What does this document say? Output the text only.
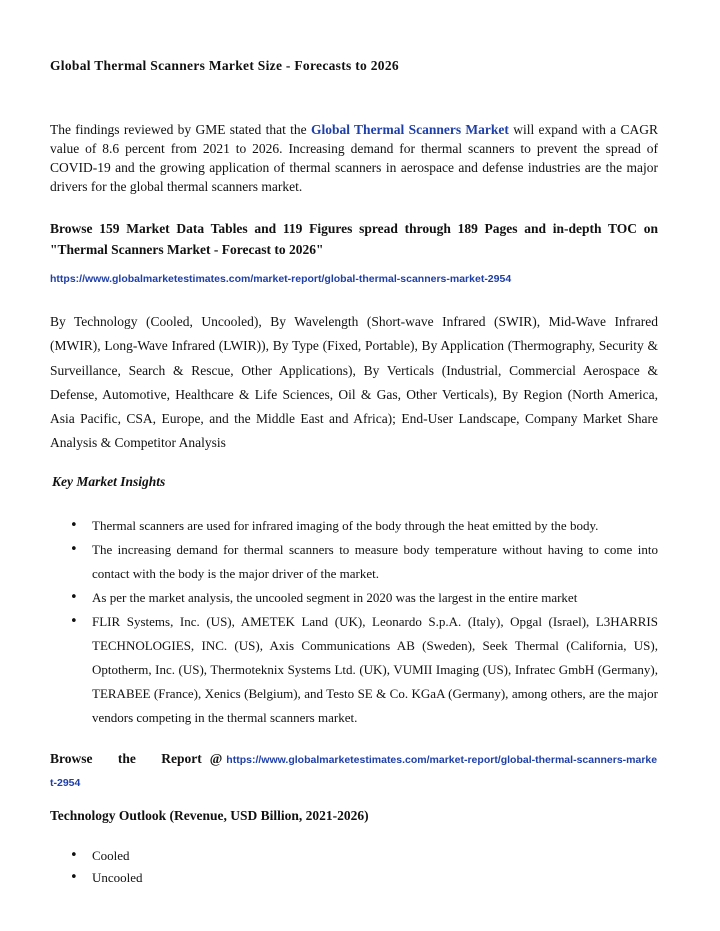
Global Thermal Scanners Market Size - Forecasts to 2026

The findings reviewed by GME stated that the Global Thermal Scanners Market will expand with a CAGR value of 8.6 percent from 2021 to 2026. Increasing demand for thermal scanners to prevent the spread of COVID-19 and the growing application of thermal scanners in aerospace and defense industries are the major drivers for the global thermal scanners market.

Browse 159 Market Data Tables and 119 Figures spread through 189 Pages and in-depth TOC on "Thermal Scanners Market - Forecast to 2026"
https://www.globalmarketestimates.com/market-report/global-thermal-scanners-market-2954

By Technology (Cooled, Uncooled), By Wavelength (Short-wave Infrared (SWIR), Mid-Wave Infrared (MWIR), Long-Wave Infrared (LWIR)), By Type (Fixed, Portable), By Application (Thermography, Security & Surveillance, Search & Rescue, Other Applications), By Verticals (Industrial, Commercial Aerospace & Defense, Automotive, Healthcare & Life Sciences, Oil & Gas, Other Verticals), By Region (North America, Asia Pacific, CSA, Europe, and the Middle East and Africa); End-User Landscape, Company Market Share Analysis & Competitor Analysis

Key Market Insights
• Thermal scanners are used for infrared imaging of the body through the heat emitted by the body.
• The increasing demand for thermal scanners to measure body temperature without having to come into contact with the body is the major driver of the market.
• As per the market analysis, the uncooled segment in 2020 was the largest in the entire market
• FLIR Systems, Inc. (US), AMETEK Land (UK), Leonardo S.p.A. (Italy), Opgal (Israel), L3HARRIS TECHNOLOGIES, INC. (US), Axis Communications AB (Sweden), Seek Thermal (California, US), Optotherm, Inc. (US), Thermoteknix Systems Ltd. (UK), VUMII Imaging (US), Infratec GmbH (Germany), TERABEE (France), Xenics (Belgium), and Testo SE & Co. KGaA (Germany), among others, are the major vendors competing in the thermal scanners market.
Browse the Report @ https://www.globalmarketestimates.com/market-report/global-thermal-scanners-market-2954
Technology Outlook (Revenue, USD Billion, 2021-2026)
• Cooled
• Uncooled
